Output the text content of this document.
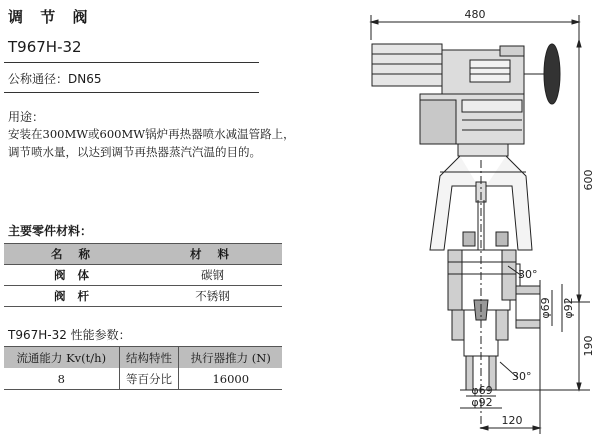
调 节 阀
T967H-32
公称通径：DN65
用途：
安装在300MW或600MW锅炉再热器喷水减温管路上，调节喷水量，以达到调节再热器蒸汽汽温的目的。
主要零件材料：
名 称	材 料
阀 体	碳钢
阀 杆	不锈钢
T967H-32 性能参数：
流通能力 Kv(t/h)	结构特性	执行器推力 (N)
8	等百分比	16000
480
600
190
φ69 φ92
φ69
φ92
120
30°
30°
